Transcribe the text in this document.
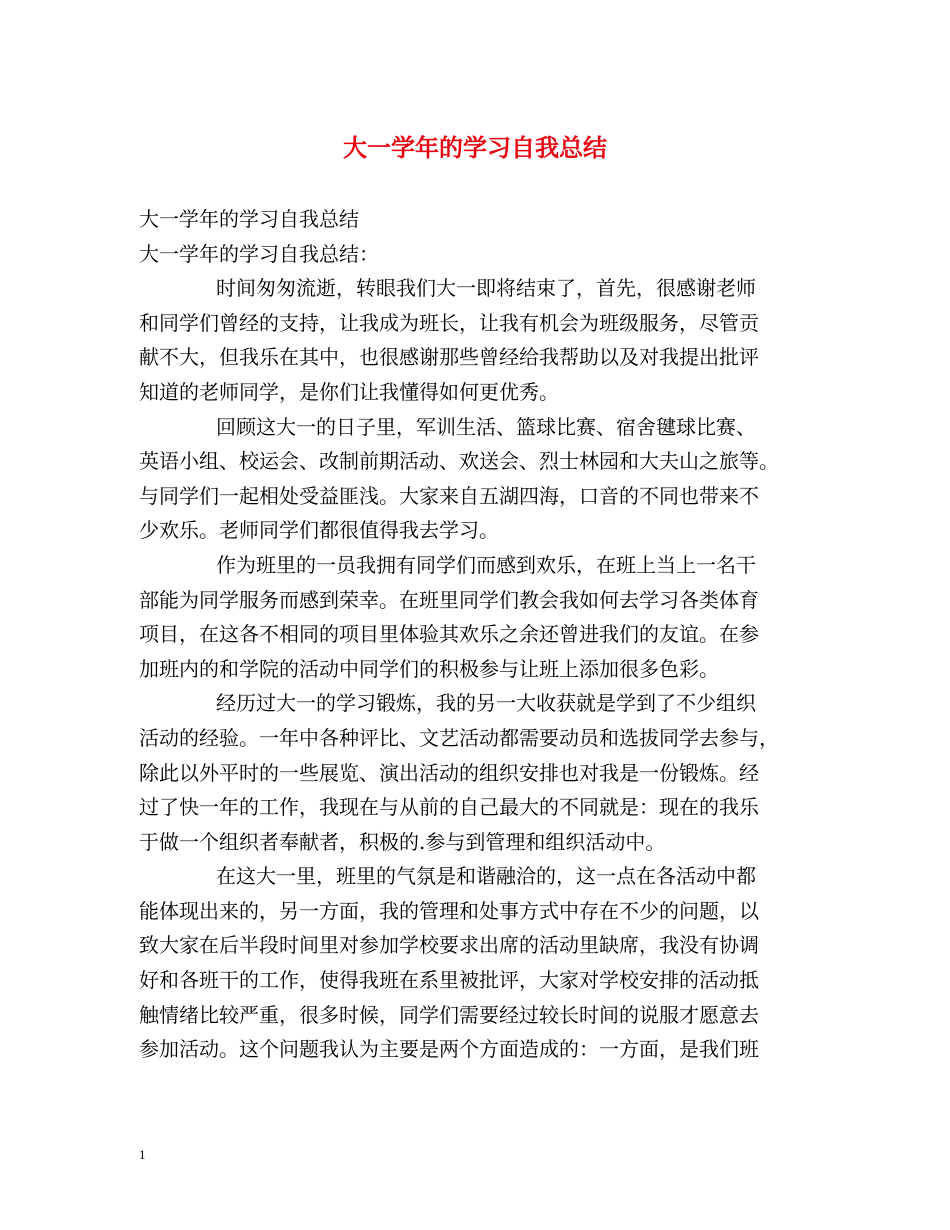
大一学年的学习自我总结
大一学年的学习自我总结
大一学年的学习自我总结：
时间匆匆流逝，转眼我们大一即将结束了，首先，很感谢老师
和同学们曾经的支持，让我成为班长，让我有机会为班级服务，尽管贡
献不大，但我乐在其中，也很感谢那些曾经给我帮助以及对我提出批评
知道的老师同学，是你们让我懂得如何更优秀。
回顾这大一的日子里，军训生活、篮球比赛、宿舍毽球比赛、
英语小组、校运会、改制前期活动、欢送会、烈士林园和大夫山之旅等。
与同学们一起相处受益匪浅。大家来自五湖四海，口音的不同也带来不
少欢乐。老师同学们都很值得我去学习。
作为班里的一员我拥有同学们而感到欢乐，在班上当上一名干
部能为同学服务而感到荣幸。在班里同学们教会我如何去学习各类体育
项目，在这各不相同的项目里体验其欢乐之余还曾进我们的友谊。在参
加班内的和学院的活动中同学们的积极参与让班上添加很多色彩。
经历过大一的学习锻炼，我的另一大收获就是学到了不少组织
活动的经验。一年中各种评比、文艺活动都需要动员和选拔同学去参与，
除此以外平时的一些展览、演出活动的组织安排也对我是一份锻炼。经
过了快一年的工作，我现在与从前的自己最大的不同就是：现在的我乐
于做一个组织者奉献者，积极的.参与到管理和组织活动中。
在这大一里，班里的气氛是和谐融洽的，这一点在各活动中都
能体现出来的，另一方面，我的管理和处事方式中存在不少的问题，以
致大家在后半段时间里对参加学校要求出席的活动里缺席，我没有协调
好和各班干的工作，使得我班在系里被批评，大家对学校安排的活动抵
触情绪比较严重，很多时候，同学们需要经过较长时间的说服才愿意去
参加活动。这个问题我认为主要是两个方面造成的：一方面，是我们班
1
